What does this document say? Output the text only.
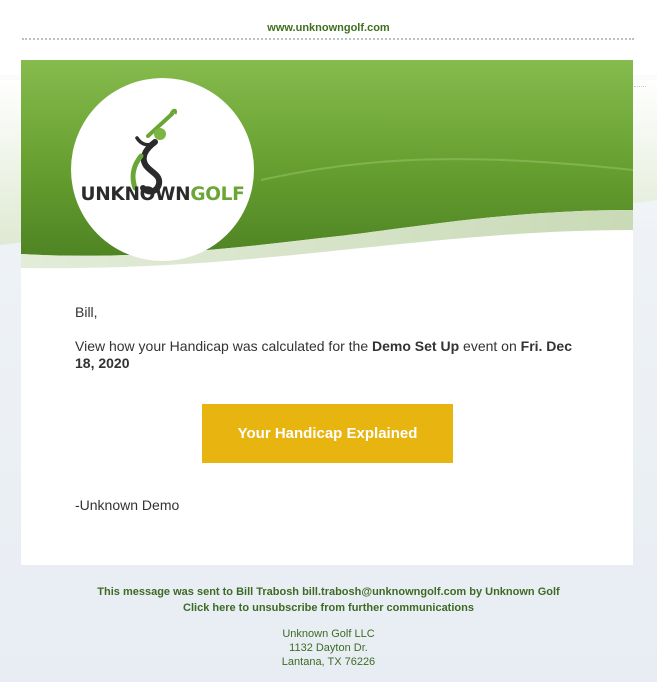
www.unknowngolf.com
UNKNOWNGOLF
Bill,
View how your Handicap was calculated for the Demo Set Up event on Fri. Dec 18, 2020
Your Handicap Explained
-Unknown Demo
This message was sent to Bill Trabosh bill.trabosh@unknowngolf.com by Unknown Golf
Click here to unsubscribe from further communications
Unknown Golf LLC
1132 Dayton Dr.
Lantana, TX 76226
